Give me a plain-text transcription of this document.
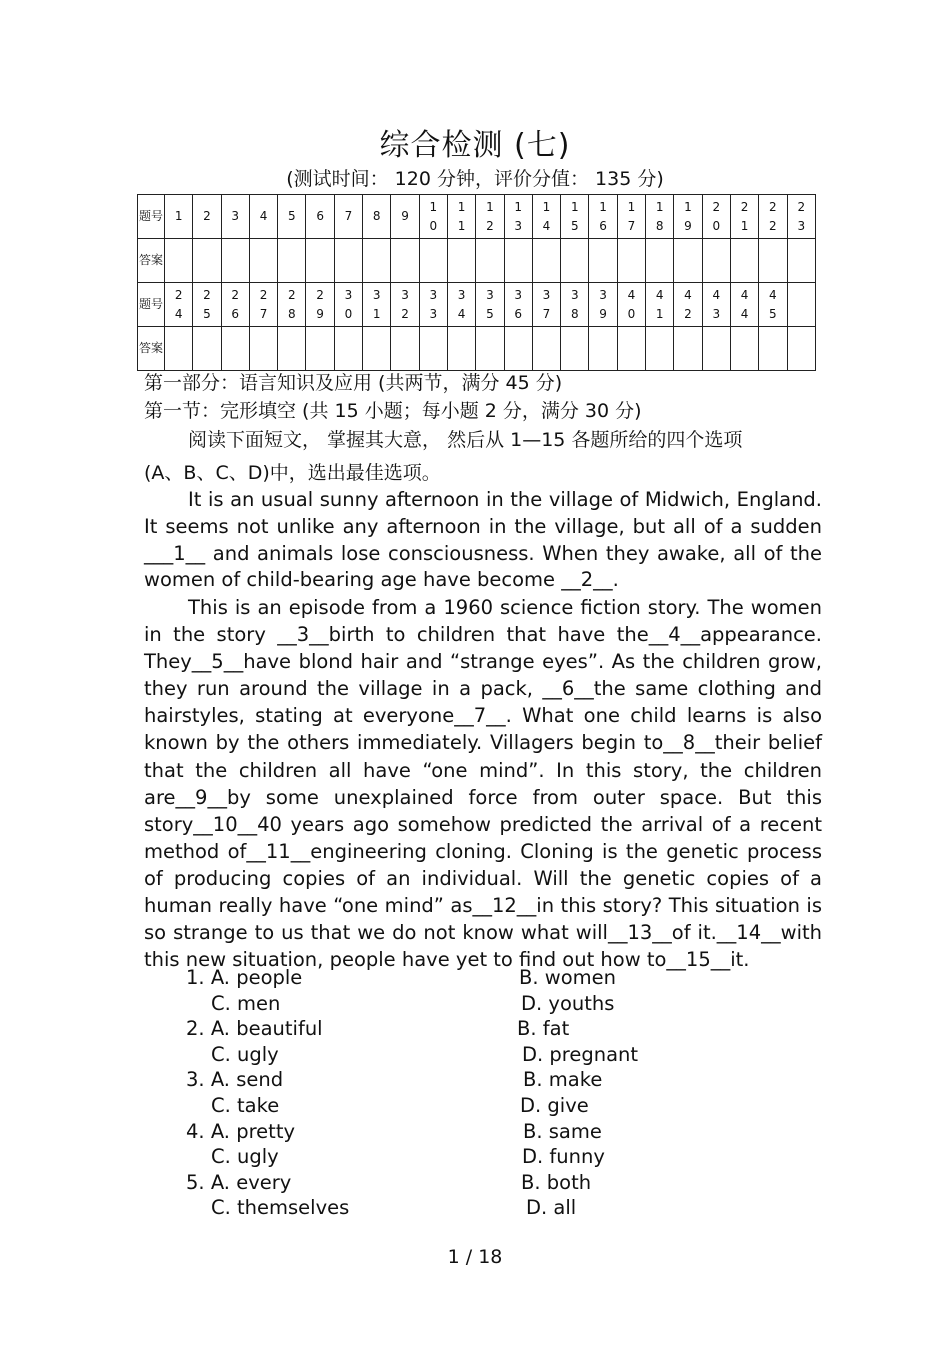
综合检测 (七)
(测试时间： 120 分钟，评价分值： 135 分)
题号	1	2	3	4	5	6	7	8	9	10	11	12	13	14	15	16	17	18	19	20	21	22	23

答案																							
题号	24	25	26	27	28	29	30	31	32	33	34	35	36	37	38	39	40	41	42	43	44	45	

答案																							
第一部分：语言知识及应用 (共两节，满分 45 分)
第一节：完形填空 (共 15 小题；每小题 2 分，满分 30 分)
阅读下面短文， 掌握其大意， 然后从 1—15 各题所给的四个选项
(A、B、C、D)中，选出最佳选项。
It is an usual sunny afternoon in the village of Midwich, England. It seems not unlike any afternoon in the village, but all of a sudden ___1__ and animals lose consciousness. When they awake, all of the women of child-bearing age have become __2__.
This is an episode from a 1960 science fiction story. The women in the story __3__birth to children that have the__4__appearance. They__5__have blond hair and “strange eyes”. As the children grow, they run around the village in a pack, __6__the same clothing and hairstyles, stating at everyone__7__. What one child learns is also known by the others immediately. Villagers begin to__8__their belief that the children all have “one mind”. In this story, the children are__9__by some unexplained force from outer space. But this story__10__40 years ago somehow predicted the arrival of a recent method of__11__engineering cloning. Cloning is the genetic process of producing copies of an individual. Will the genetic copies of a human really have “one mind” as__12__in this story? This situation is so strange to us that we do not know what will__13__of it.__14__with this new situation, people have yet to find out how to__15__it.
1. A. people	B. women
C. men	D. youths
2. A. beautiful	B. fat
C. ugly	D. pregnant
3. A. send	B. make
C. take	D. give
4. A. pretty	B. same
C. ugly	D. funny
5. A. every	B. both
C. themselves	D. all
1 / 18
